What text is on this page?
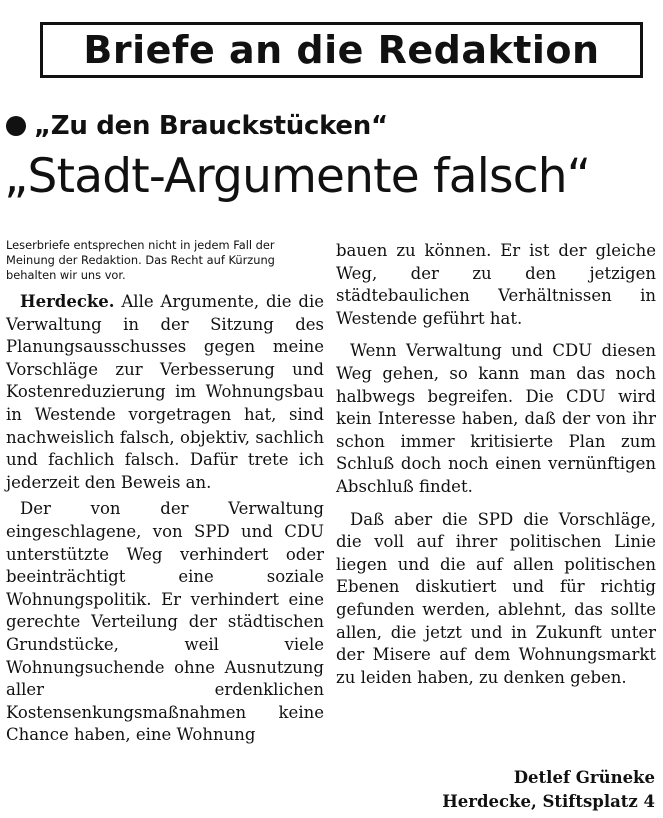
Briefe an die Redaktion
„Zu den Brauckstücken“
„Stadt-Argumente falsch“

Leserbriefe entsprechen nicht in jedem Fall der Meinung der Redaktion. Das Recht auf Kürzung behalten wir uns vor.

Herdecke. Alle Argumente, die die Verwaltung in der Sitzung des Planungsausschusses gegen meine Vorschläge zur Verbesserung und Kostenreduzierung im Wohnungsbau in Westende vorgetragen hat, sind nachweislich falsch, objektiv, sachlich und fachlich falsch. Dafür trete ich jederzeit den Beweis an.

Der von der Verwaltung eingeschlagene, von SPD und CDU unterstützte Weg verhindert oder beeinträchtigt eine soziale Wohnungspolitik. Er verhindert eine gerechte Verteilung der städtischen Grundstücke, weil viele Wohnungsuchende ohne Ausnutzung aller erdenklichen Kostensenkungsmaßnahmen keine Chance haben, eine Wohnung

bauen zu können. Er ist der gleiche Weg, der zu den jetzigen städtebaulichen Verhältnissen in Westende geführt hat.

Wenn Verwaltung und CDU diesen Weg gehen, so kann man das noch halbwegs begreifen. Die CDU wird kein Interesse haben, daß der von ihr schon immer kritisierte Plan zum Schluß doch noch einen vernünftigen Abschluß findet.

Daß aber die SPD die Vorschläge, die voll auf ihrer politischen Linie liegen und die auf allen politischen Ebenen diskutiert und für richtig gefunden werden, ablehnt, das sollte allen, die jetzt und in Zukunft unter der Misere auf dem Wohnungsmarkt zu leiden haben, zu denken geben.

Detlef Grüneke
Herdecke, Stiftsplatz 4
